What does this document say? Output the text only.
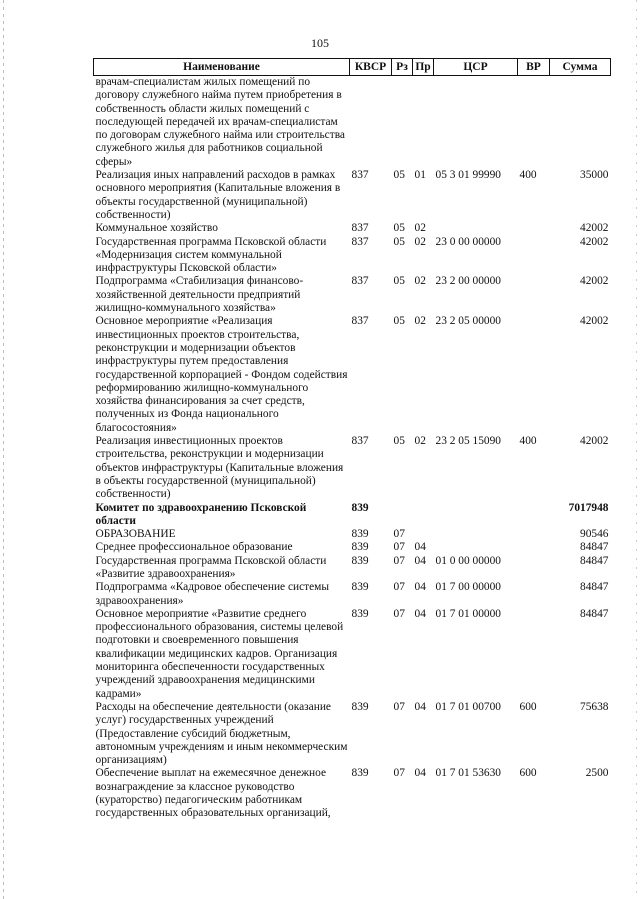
105
Наименование	КВСР	Рз	Пр	ЦСР	ВР	Сумма
врачам-специалистам жилых помещений по договору служебного найма путем приобретения в собственность области жилых помещений с последующей передачей их врачам-специалистам по договорам служебного найма или строительства служебного жилья для работников социальной сферы»						
Реализация иных направлений расходов в рамках основного мероприятия (Капитальные вложения в объекты государственной (муниципальной) собственности)	837	05	01	05 3 01 99990	400	35000
Коммунальное хозяйство	837	05	02			42002
Государственная программа Псковской области «Модернизация систем коммунальной инфраструктуры Псковской области»	837	05	02	23 0 00 00000		42002
Подпрограмма «Стабилизация финансово-хозяйственной деятельности предприятий жилищно-коммунального хозяйства»	837	05	02	23 2 00 00000		42002
Основное мероприятие «Реализация инвестиционных проектов строительства, реконструкции и модернизации объектов инфраструктуры путем предоставления государственной корпорацией - Фондом содействия реформированию жилищно-коммунального хозяйства финансирования за счет средств, полученных из Фонда национального благосостояния»	837	05	02	23 2 05 00000		42002
Реализация инвестиционных проектов строительства, реконструкции и модернизации объектов инфраструктуры (Капитальные вложения в объекты государственной (муниципальной) собственности)	837	05	02	23 2 05 15090	400	42002
Комитет по здравоохранению Псковской области	839					7017948
ОБРАЗОВАНИЕ	839	07				90546
Среднее профессиональное образование	839	07	04			84847
Государственная программа Псковской области «Развитие здравоохранения»	839	07	04	01 0 00 00000		84847
Подпрограмма «Кадровое обеспечение системы здравоохранения»	839	07	04	01 7 00 00000		84847
Основное мероприятие «Развитие среднего профессионального образования, системы целевой подготовки и своевременного повышения квалификации медицинских кадров. Организация мониторинга обеспеченности государственных учреждений здравоохранения медицинскими кадрами»	839	07	04	01 7 01 00000		84847
Расходы на обеспечение деятельности (оказание услуг) государственных учреждений (Предоставление субсидий бюджетным, автономным учреждениям и иным некоммерческим организациям)	839	07	04	01 7 01 00700	600	75638
Обеспечение выплат на ежемесячное денежное вознаграждение за классное руководство (кураторство) педагогическим работникам государственных образовательных организаций,	839	07	04	01 7 01 53630	600	2500
